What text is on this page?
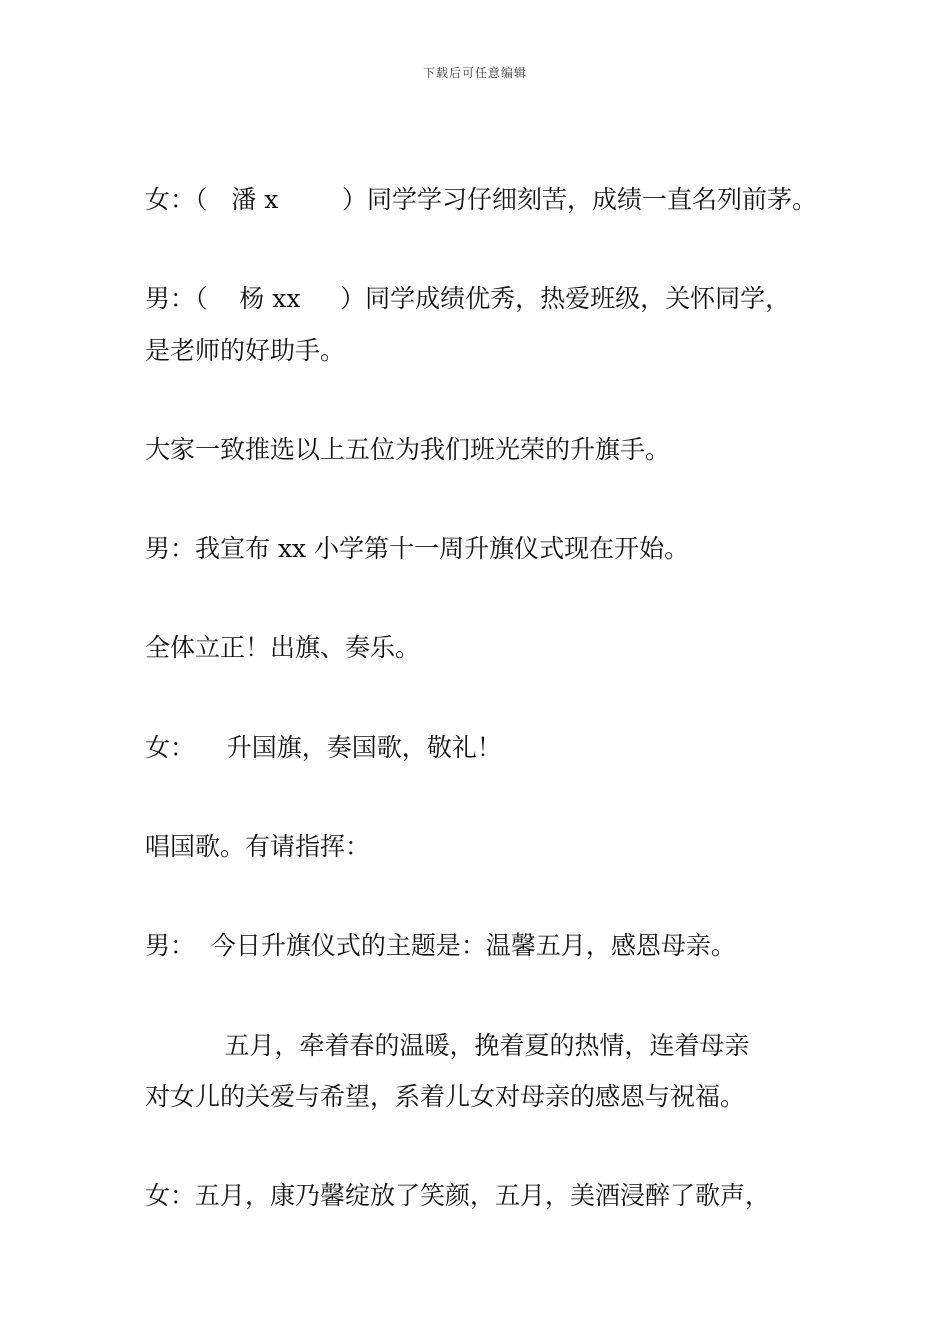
下载后可任意编辑
女：（   潘 x        ）同学学习仔细刻苦，成绩一直名列前茅。
男：（    杨 xx     ）同学成绩优秀，热爱班级，关怀同学，
是老师的好助手。
大家一致推选以上五位为我们班光荣的升旗手。
男：我宣布 xx 小学第十一周升旗仪式现在开始。
全体立正！出旗、奏乐。
女：    升国旗，奏国歌，敬礼！
唱国歌。有请指挥：
男：  今日升旗仪式的主题是：温馨五月，感恩母亲。
五月，牵着春的温暖，挽着夏的热情，连着母亲
对女儿的关爱与希望，系着儿女对母亲的感恩与祝福。
女：五月，康乃馨绽放了笑颜，五月，美酒浸醉了歌声，
